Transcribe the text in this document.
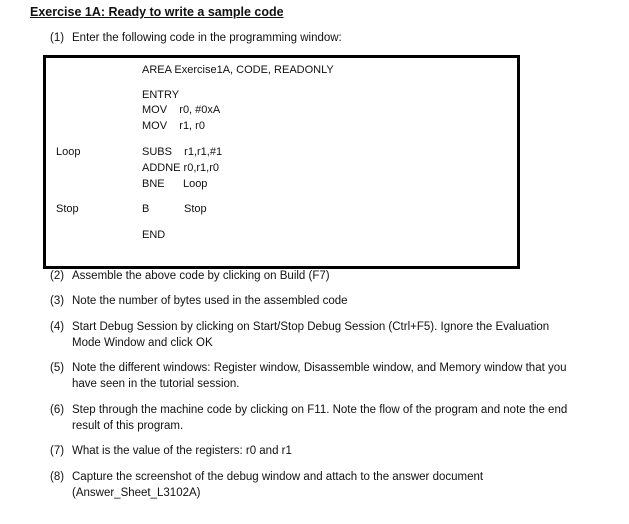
Exercise 1A: Ready to write a sample code
(1) Enter the following code in the programming window:
AREA Exercise1A, CODE, READONLY
ENTRY
MOV    r0, #0xA
MOV    r1, r0
Loop	SUBS    r1,r1,#1
ADDNE r0,r1,r0
BNE      Loop
Stop	B	Stop
END
(2) Assemble the above code by clicking on Build (F7)
(3) Note the number of bytes used in the assembled code
(4) Start Debug Session by clicking on Start/Stop Debug Session (Ctrl+F5). Ignore the Evaluation Mode Window and click OK
(5) Note the different windows: Register window, Disassemble window, and Memory window that you have seen in the tutorial session.
(6) Step through the machine code by clicking on F11. Note the flow of the program and note the end result of this program.
(7) What is the value of the registers: r0 and r1
(8) Capture the screenshot of the debug window and attach to the answer document (Answer_Sheet_L3102A)
